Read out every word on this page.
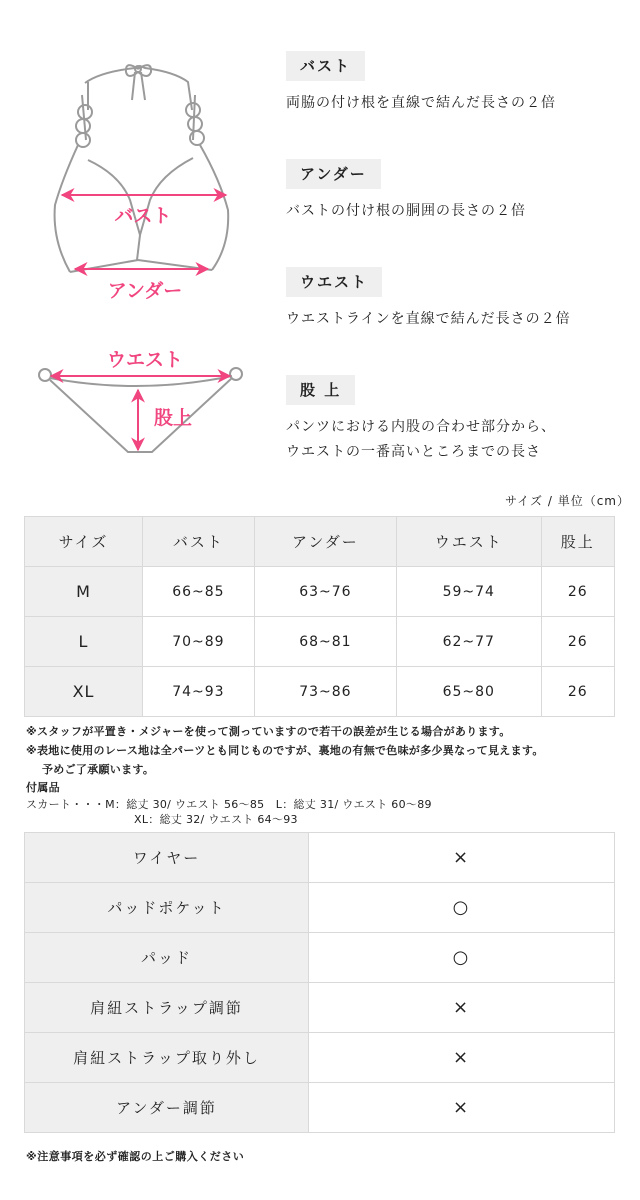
バスト
アンダー
ウエスト
股上
バスト
両脇の付け根を直線で結んだ長さの２倍
アンダー
バストの付け根の胴囲の長さの２倍
ウエスト
ウエストラインを直線で結んだ長さの２倍
股 上
パンツにおける内股の合わせ部分から、
ウエストの一番高いところまでの長さ
サイズ / 単位（cm）
サイズ	バスト	アンダー	ウエスト	股上
M	66~85	63~76	59~74	26
L	70~89	68~81	62~77	26
XL	74~93	73~86	65~80	26
※スタッフが平置き・メジャーを使って測っていますので若干の誤差が生じる場合があります。
※表地に使用のレース地は全パーツとも同じものですが、裏地の有無で色味が多少異なって見えます。
予めご了承願います。
付属品
スカート・・・M：総丈 30/ ウエスト 56～85　L：総丈 31/ ウエスト 60～89
XL：総丈 32/ ウエスト 64～93
ワイヤー	×
パッドポケット	○
パッド	○
肩紐ストラップ調節	×
肩紐ストラップ取り外し	×
アンダー調節	×
※注意事項を必ず確認の上ご購入ください
